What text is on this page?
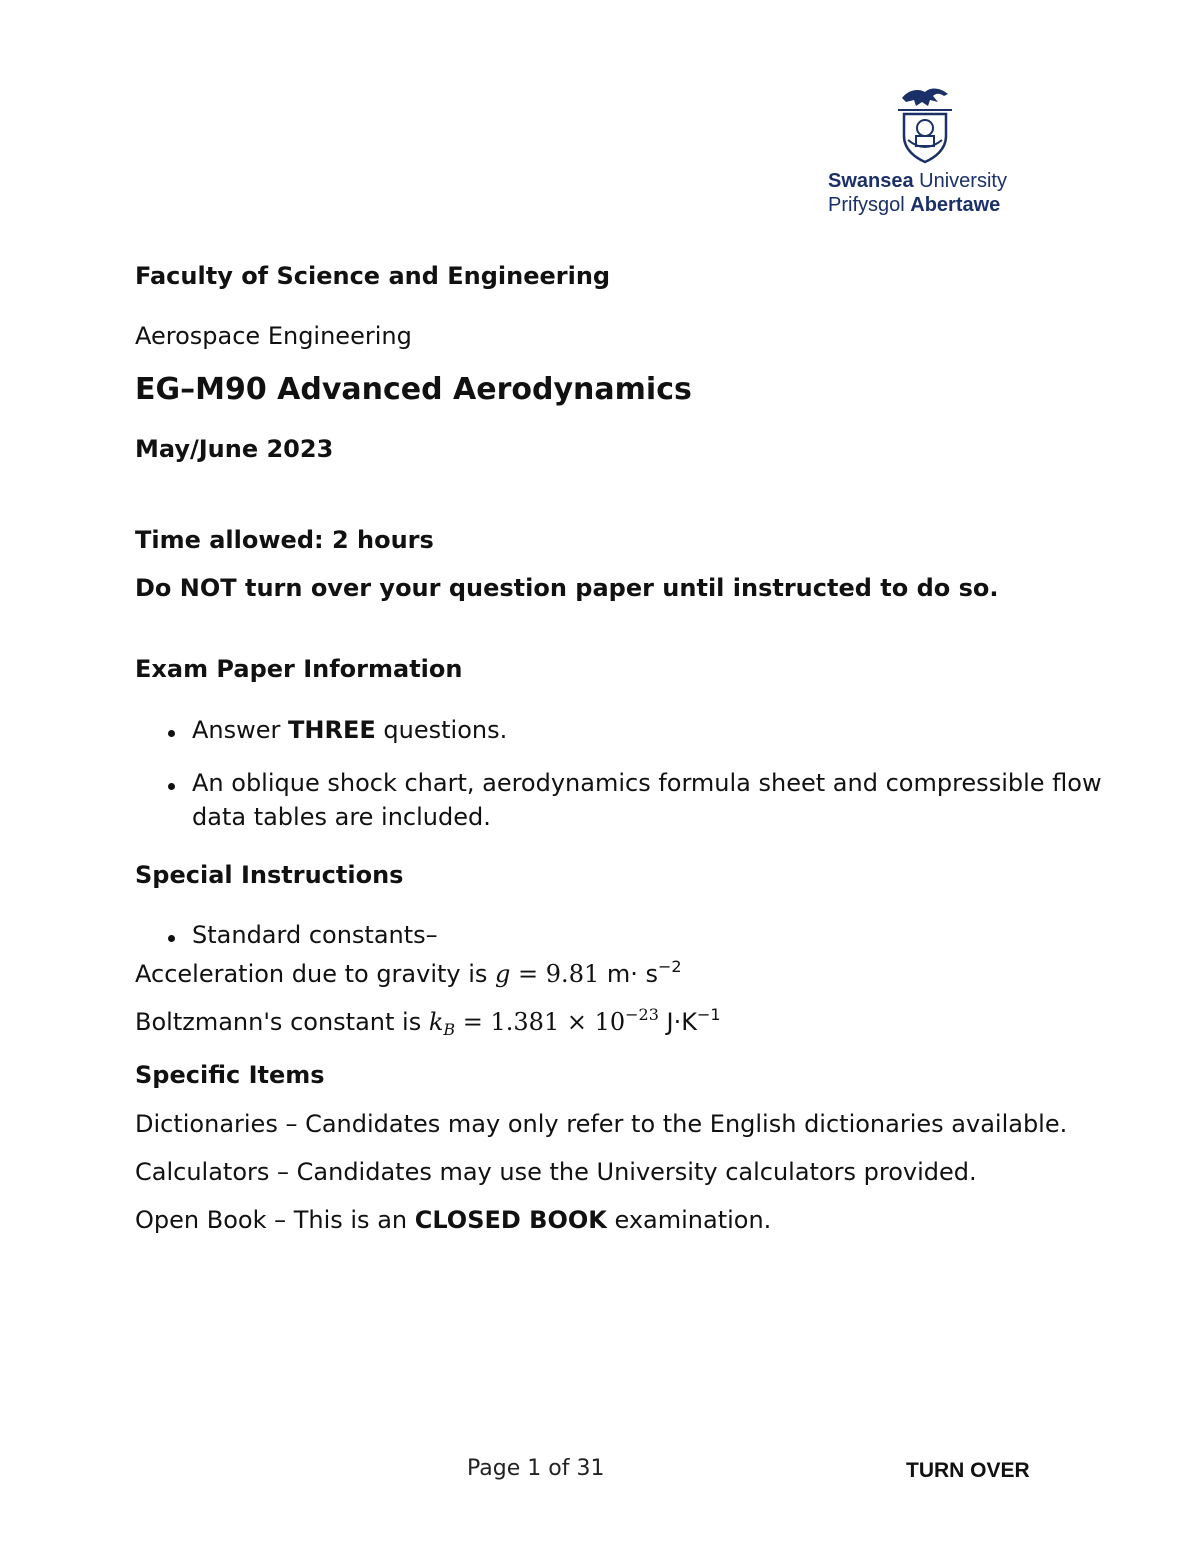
Swansea University
Prifysgol Abertawe
Faculty of Science and Engineering
Aerospace Engineering
EG–M90 Advanced Aerodynamics
May/June 2023
Time allowed: 2 hours
Do NOT turn over your question paper until instructed to do so.
Exam Paper Information
Answer THREE questions.
An oblique shock chart, aerodynamics formula sheet and compressible flow
data tables are included.
Special Instructions
Standard constants–
Acceleration due to gravity is g = 9.81 $m\cdot s^{-2}$
Boltzmann's constant is $k_B = 1.381 \times 10^{-23}$ $J\cdot K^{-1}$
Specific Items
Dictionaries – Candidates may only refer to the English dictionaries available.
Calculators – Candidates may use the University calculators provided.
Open Book – This is an CLOSED BOOK examination.
Page 1 of 31	TURN OVER
